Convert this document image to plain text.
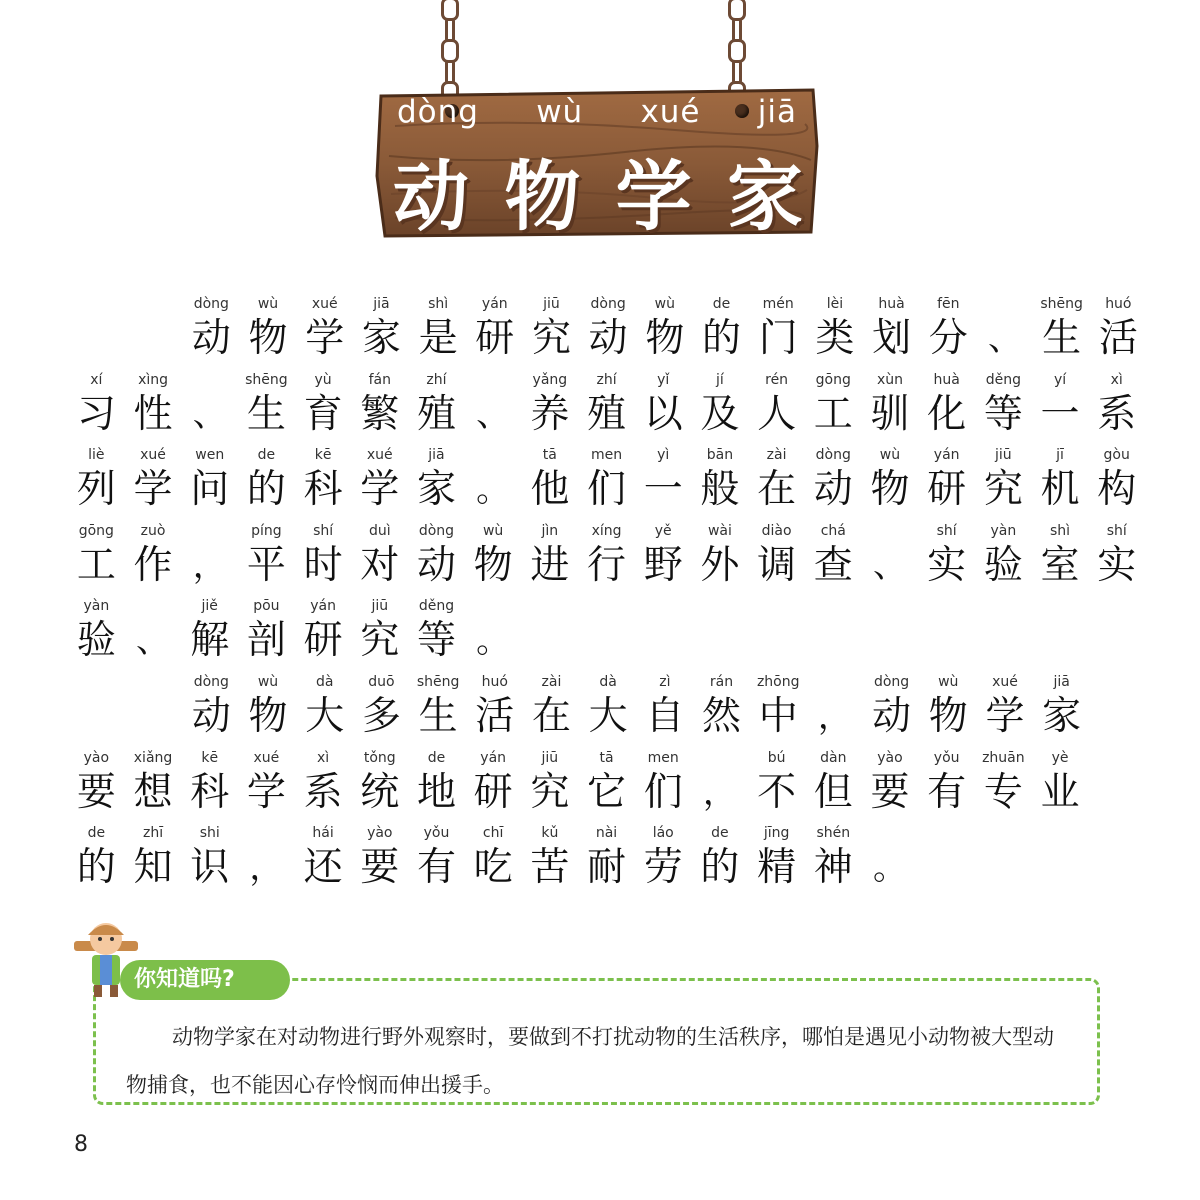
dòng wù xué jiā
动 物 学 家
dòng
动
wù
物
xué
学
jiā
家
shì
是
yán
研
jiū
究
dòng
动
wù
物
de
的
mén
门
lèi
类
huà
划
fēn
分 、
shēng
生
huó
活
xí
习
xìng
性 、
shēng
生
yù
育
fán
繁
zhí
殖 、
yǎng
养
zhí
殖
yǐ
以
jí
及
rén
人
gōng
工
xùn
驯
huà
化
děng
等
yí
一
xì
系
liè
列
xué
学
wen
问
de
的
kē
科
xué
学
jiā
家 。
tā
他
men
们
yì
一
bān
般
zài
在
dòng
动
wù
物
yán
研
jiū
究
jī
机
gòu
构
gōng
工
zuò
作 ，
píng
平
shí
时
duì
对
dòng
动
wù
物
jìn
进
xíng
行
yě
野
wài
外
diào
调
chá
查 、
shí
实
yàn
验
shì
室
shí
实
yàn
验 、
jiě
解
pōu
剖
yán
研
jiū
究
děng
等 。
dòng
动
wù
物
dà
大
duō
多
shēng
生
huó
活
zài
在
dà
大
zì
自
rán
然
zhōng
中 ，
dòng
动
wù
物
xué
学
jiā
家
yào
要
xiǎng
想
kē
科
xué
学
xì
系
tǒng
统
de
地
yán
研
jiū
究
tā
它
men
们 ，
bú
不
dàn
但
yào
要
yǒu
有
zhuān
专
yè
业
de
的
zhī
知
shi
识 ，
hái
还
yào
要
yǒu
有
chī
吃
kǔ
苦
nài
耐
láo
劳
de
的
jīng
精
shén
神 。
动物学家在对动物进行野外观察时，要做到不打扰动物的生活秩序，哪怕是遇见小动物被大型动物捕食，也不能因心存怜悯而伸出援手。
你知道吗?
8
